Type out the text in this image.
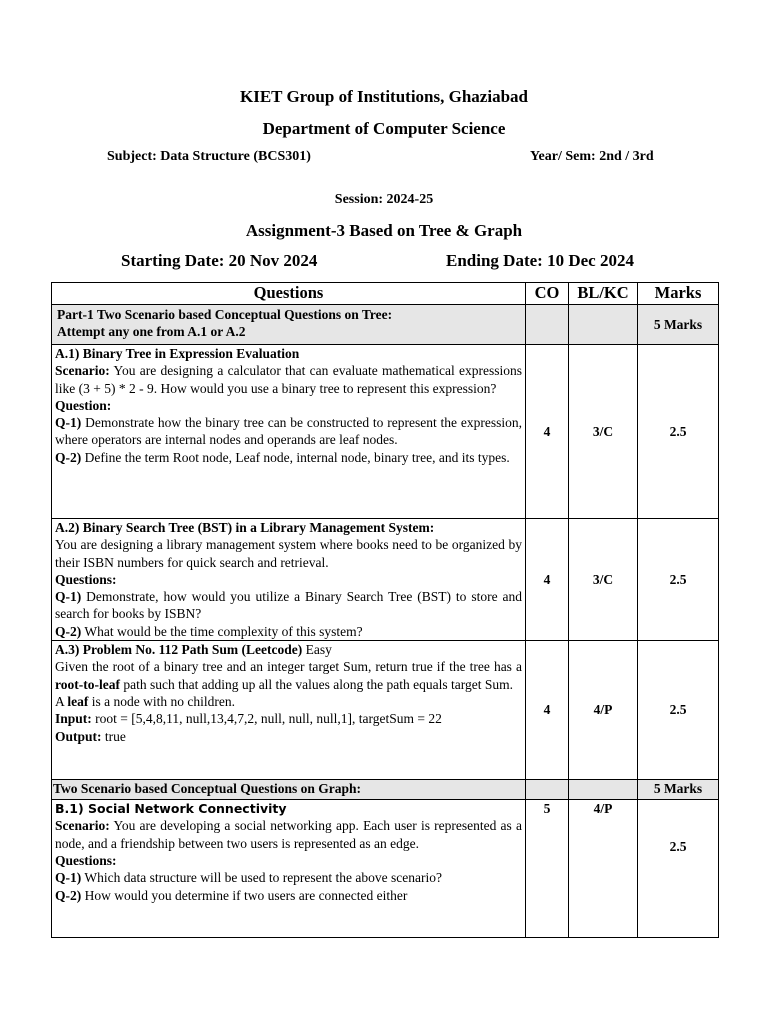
KIET Group of Institutions, Ghaziabad
Department of Computer Science
Subject: Data Structure (BCS301)	Year/ Sem: 2nd / 3rd
Session: 2024-25
Assignment-3 Based on Tree & Graph
Starting Date: 20 Nov 2024	Ending Date: 10 Dec 2024
Questions	CO	BL/KC	Marks

Part-1 Two Scenario based Conceptual Questions on Tree:
Attempt any one from A.1 or A.2			5 Marks

A.1) Binary Tree in Expression Evaluation
Scenario: You are designing a calculator that can evaluate mathematical expressions like (3 + 5) * 2 - 9. How would you use a binary tree to represent this expression?
Question:
Q-1) Demonstrate how the binary tree can be constructed to represent the expression, where operators are internal nodes and operands are leaf nodes.
Q-2) Define the term Root node, Leaf node, internal node, binary tree, and its types.	4	3/C	2.5

A.2) Binary Search Tree (BST) in a Library Management System:
You are designing a library management system where books need to be organized by their ISBN numbers for quick search and retrieval.
Questions:
Q-1) Demonstrate, how would you utilize a Binary Search Tree (BST) to store and search for books by ISBN?
Q-2) What would be the time complexity of this system?	4	3/C	2.5

A.3) Problem No. 112 Path Sum (Leetcode) Easy
Given the root of a binary tree and an integer target Sum, return true if the tree has a root-to-leaf path such that adding up all the values along the path equals target Sum.
A leaf is a node with no children.
Input: root = [5,4,8,11, null,13,4,7,2, null, null, null,1], targetSum = 22
Output: true	4	4/P	2.5
Two Scenario based Conceptual Questions on Graph:			5 Marks

B.1) Social Network Connectivity
Scenario: You are developing a social networking app. Each user is represented as a node, and a friendship between two users is represented as an edge.
Questions:
Q-1) Which data structure will be used to represent the above scenario?
Q-2) How would you determine if two users are connected either	5	4/P	2.5
